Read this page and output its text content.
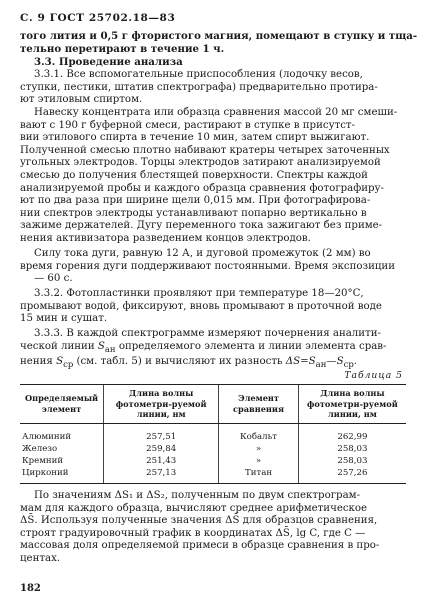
С. 9 ГОСТ 25702.18—83
того лития и 0,5 г фтористого магния, помещают в ступку и тща-
тельно перетирают в течение 1 ч.
3.3. Проведение анализа
3.3.1. Все вспомогательные приспособления (лодочку весов,
ступки, пестики, штатив спектрографа) предварительно протира-
ют этиловым спиртом.
Навеску концентрата или образца сравнения массой 20 мг смеши-
вают с 190 г буферной смеси, растирают в ступке в присутст-
вии этилового спирта в течение 10 мин, затем спирт выжигают.
Полученной смесью плотно набивают кратеры четырех заточенных
угольных электродов. Торцы электродов затирают анализируемой
смесью до получения блестящей поверхности. Спектры каждой
анализируемой пробы и каждого образца сравнения фотографиру-
ют по два раза при ширине щели 0,015 мм. При фотографирова-
нии спектров электроды устанавливают попарно вертикально в
зажиме держателей. Дугу переменного тока зажигают без приме-
нения активизатора разведением концов электродов.
Силу тока дуги, равную 12 А, и дуговой промежуток (2 мм) во
время горения дуги поддерживают постоянными. Время экспозиции
— 60 с.
3.3.2. Фотопластинки проявляют при температуре 18—20°С,
промывают водой, фиксируют, вновь промывают в проточной воде
15 мин и сушат.
3.3.3. В каждой спектрограмме измеряют почернения аналити-
ческой линии $S_{ан}$ определяемого элемента и линии элемента срав-
нения $S_{ср}$ (см. табл. 5) и вычисляют их разность $\Delta S=S_{ан}—S_{ср}$.
Таблица 5
Определяемый элемент	Длина волны фотометри-руемой линии, нм	Элемент сравнения	Длина волны фотометри-руемой линии, нм

Алюминий	257,51	Кобальт	262,99
Железо	259,84	»	258,03
Кремний	251,43	»	258,03
Цирконий	257,13	Титан	257,26
По значениям ΔS₁ и ΔS₂, полученным по двум спектрограм-
мам для каждого образца, вычисляют среднее арифметическое
ΔS̄. Используя полученные значения ΔS̄ для образцов сравнения,
строят градуировочный график в координатах ΔS̄, lg C, где C —
массовая доля определяемой примеси в образце сравнения в про-
центах.
182
